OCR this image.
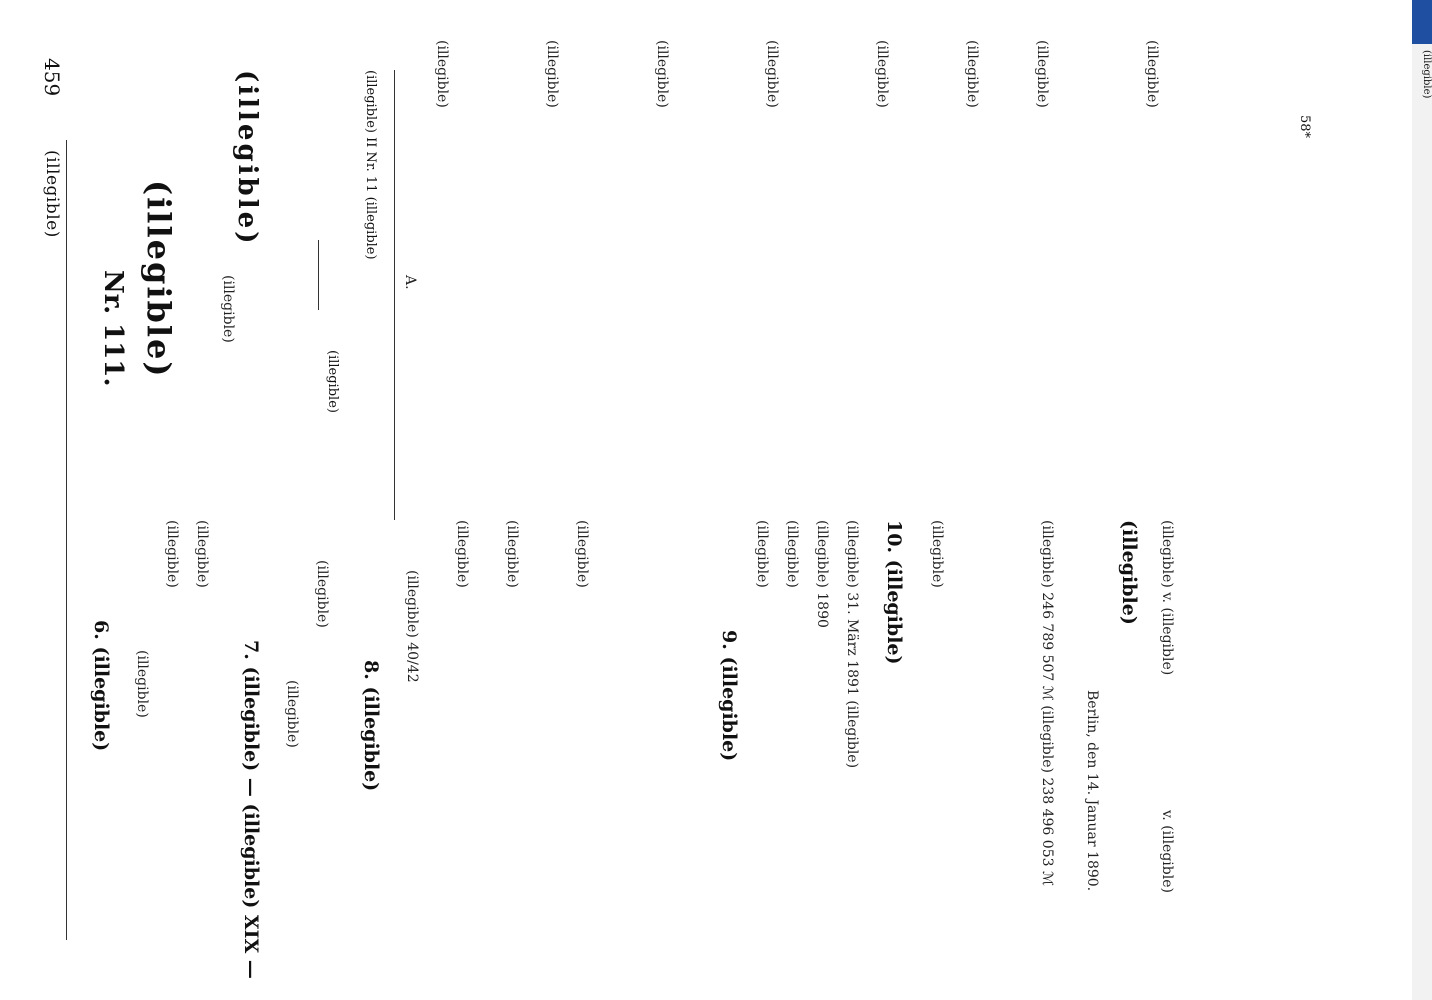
(illegible)
459
6. (illegible) (illegible)
(illegible) (illegible)
7. (illegible) — (illegible) XIX — (illegible)
(illegible)
8. (illegible)
(illegible) 40/42
(illegible) (illegible)	(illegible)
9. (illegible)
(illegible) (illegible) (illegible) 1890 (illegible) 31. März 1891 (illegible) 10. (illegible) (illegible)	(illegible) 246 789 507 ℳ (illegible) 238 496 053 ℳ Berlin, den 14. Januar 1890.
(illegible)
v. (illegible)
(illegible) v. (illegible)
Nr. 111. (illegible)	(illegible)
(illegible)
(illegible)
(illegible) II Nr. 11 (illegible)
A.
(illegible)	(illegible)	(illegible)	(illegible)	(illegible)	(illegible)	(illegible)	(illegible)
58*
(illegible)
